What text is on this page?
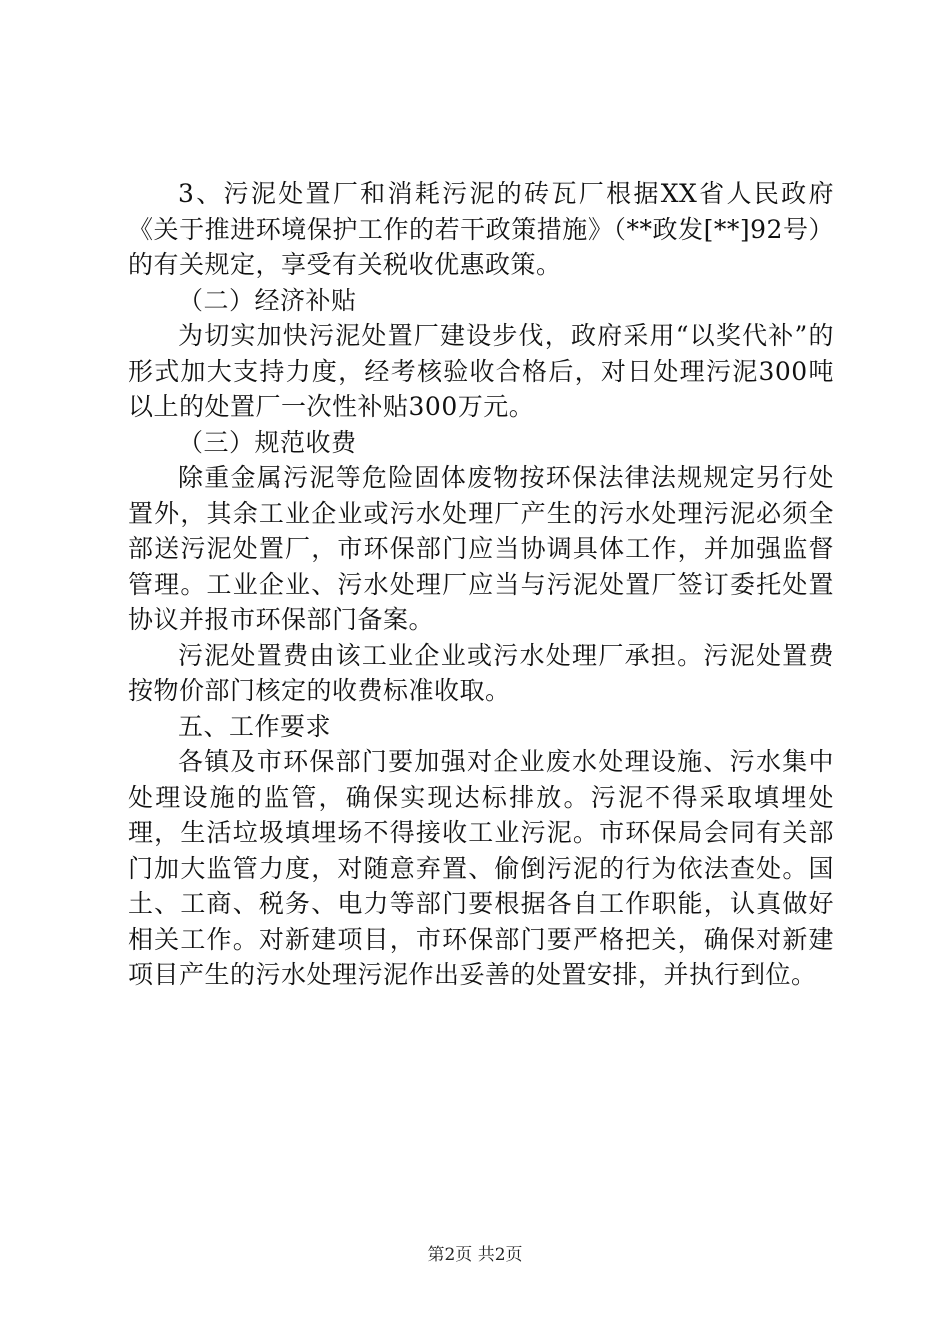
3、污泥处置厂和消耗污泥的砖瓦厂根据XX省人民政府《关于推进环境保护工作的若干政策措施》（**政发[**]92号）的有关规定，享受有关税收优惠政策。

（二）经济补贴

为切实加快污泥处置厂建设步伐，政府采用“以奖代补”的形式加大支持力度，经考核验收合格后，对日处理污泥300吨以上的处置厂一次性补贴300万元。

（三）规范收费

除重金属污泥等危险固体废物按环保法律法规规定另行处置外，其余工业企业或污水处理厂产生的污水处理污泥必须全部送污泥处置厂，市环保部门应当协调具体工作，并加强监督管理。工业企业、污水处理厂应当与污泥处置厂签订委托处置协议并报市环保部门备案。

污泥处置费由该工业企业或污水处理厂承担。污泥处置费按物价部门核定的收费标准收取。

五、工作要求

各镇及市环保部门要加强对企业废水处理设施、污水集中处理设施的监管，确保实现达标排放。污泥不得采取填埋处理，生活垃圾填埋场不得接收工业污泥。市环保局会同有关部门加大监管力度，对随意弃置、偷倒污泥的行为依法查处。国土、工商、税务、电力等部门要根据各自工作职能，认真做好相关工作。对新建项目，市环保部门要严格把关，确保对新建项目产生的污水处理污泥作出妥善的处置安排，并执行到位。

第2页 共2页
